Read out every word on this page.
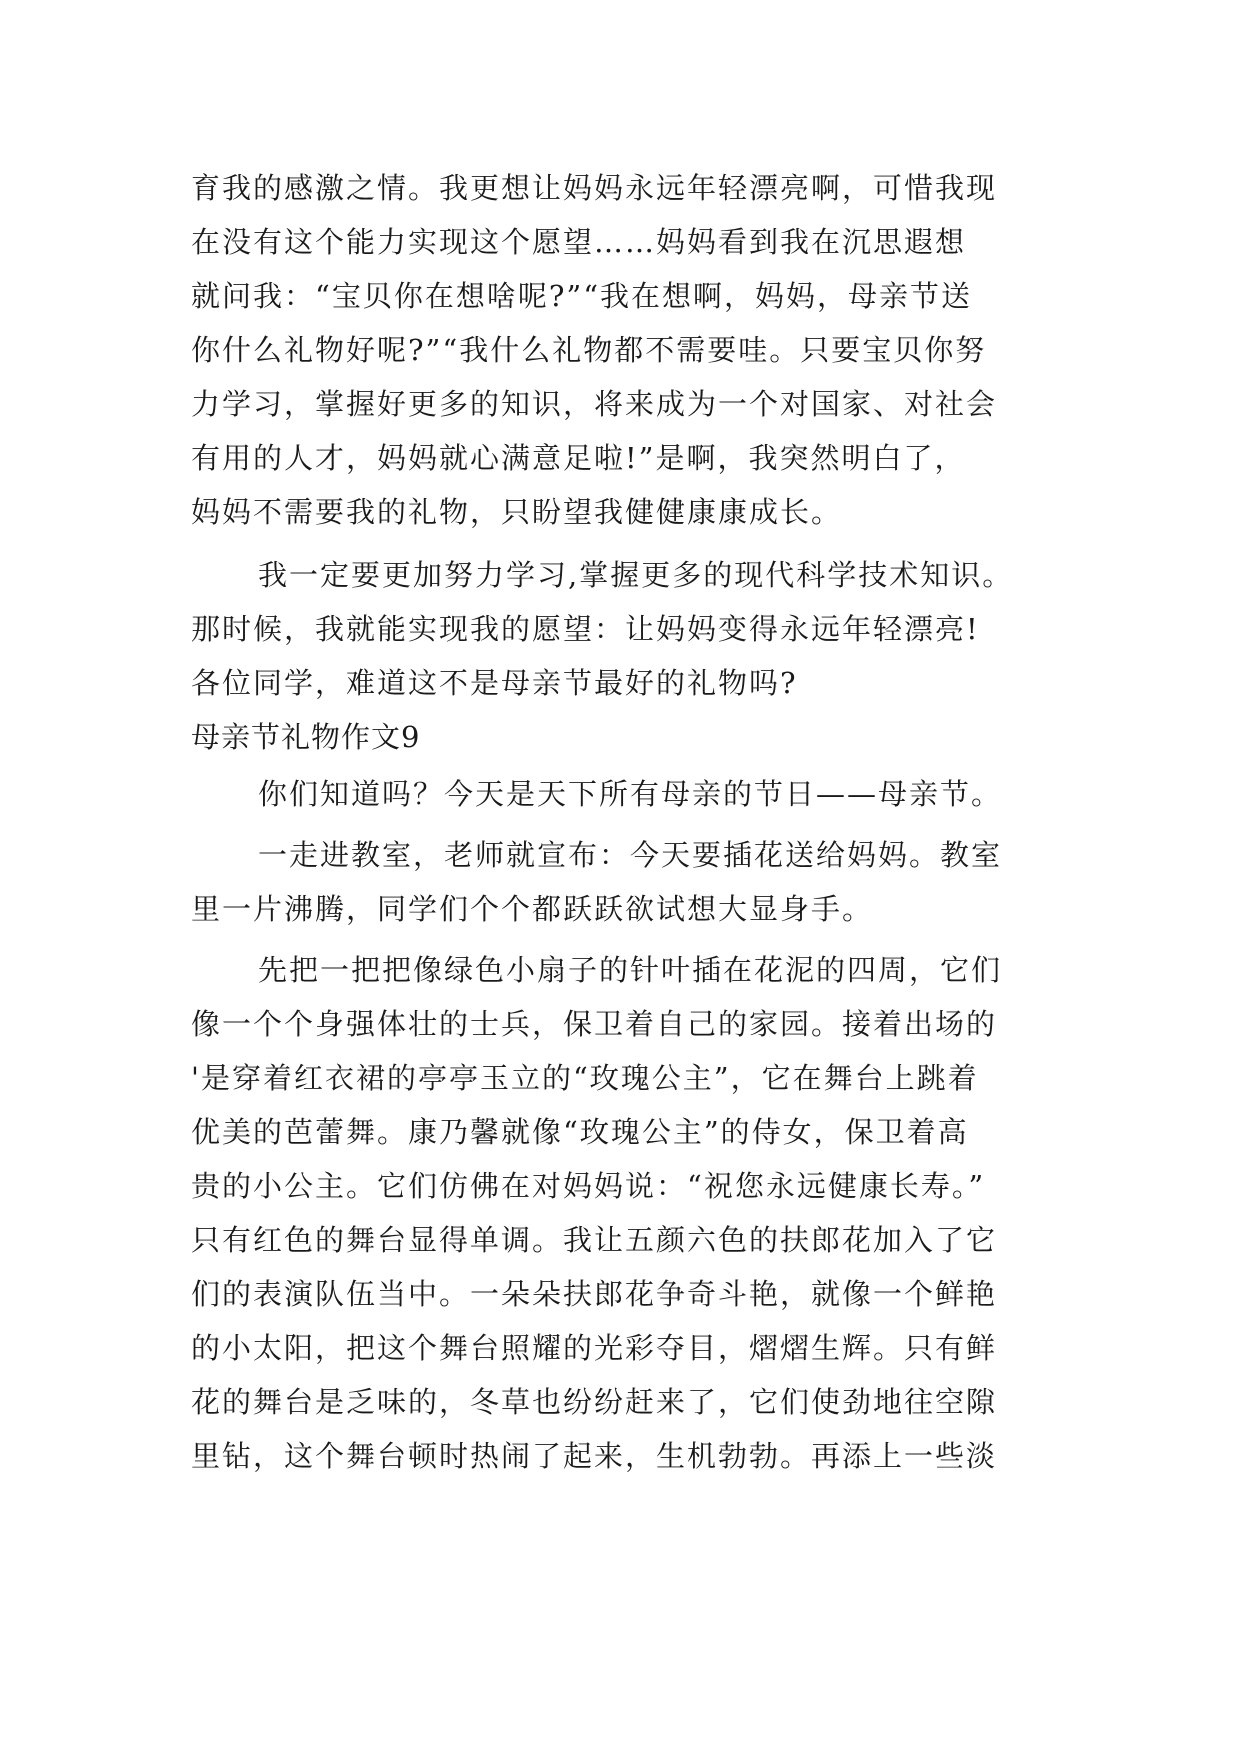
育我的感激之情。我更想让妈妈永远年轻漂亮啊，可惜我现
在没有这个能力实现这个愿望……妈妈看到我在沉思遐想
就问我：“宝贝你在想啥呢?”“我在想啊，妈妈，母亲节送
你什么礼物好呢?”“我什么礼物都不需要哇。只要宝贝你努
力学习，掌握好更多的知识，将来成为一个对国家、对社会
有用的人才，妈妈就心满意足啦!”是啊，我突然明白了，
妈妈不需要我的礼物，只盼望我健健康康成长。
我一定要更加努力学习,掌握更多的现代科学技术知识。
那时候，我就能实现我的愿望：让妈妈变得永远年轻漂亮!
各位同学，难道这不是母亲节最好的礼物吗?
母亲节礼物作文9
你们知道吗？今天是天下所有母亲的节日——母亲节。
一走进教室，老师就宣布：今天要插花送给妈妈。教室
里一片沸腾，同学们个个都跃跃欲试想大显身手。
先把一把把像绿色小扇子的针叶插在花泥的四周，它们
像一个个身强体壮的士兵，保卫着自己的家园。接着出场的
'是穿着红衣裙的亭亭玉立的“玫瑰公主”，它在舞台上跳着
优美的芭蕾舞。康乃馨就像“玫瑰公主”的侍女，保卫着高
贵的小公主。它们仿佛在对妈妈说：“祝您永远健康长寿。”
只有红色的舞台显得单调。我让五颜六色的扶郎花加入了它
们的表演队伍当中。一朵朵扶郎花争奇斗艳，就像一个鲜艳
的小太阳，把这个舞台照耀的光彩夺目，熠熠生辉。只有鲜
花的舞台是乏味的，冬草也纷纷赶来了，它们使劲地往空隙
里钻，这个舞台顿时热闹了起来，生机勃勃。再添上一些淡
